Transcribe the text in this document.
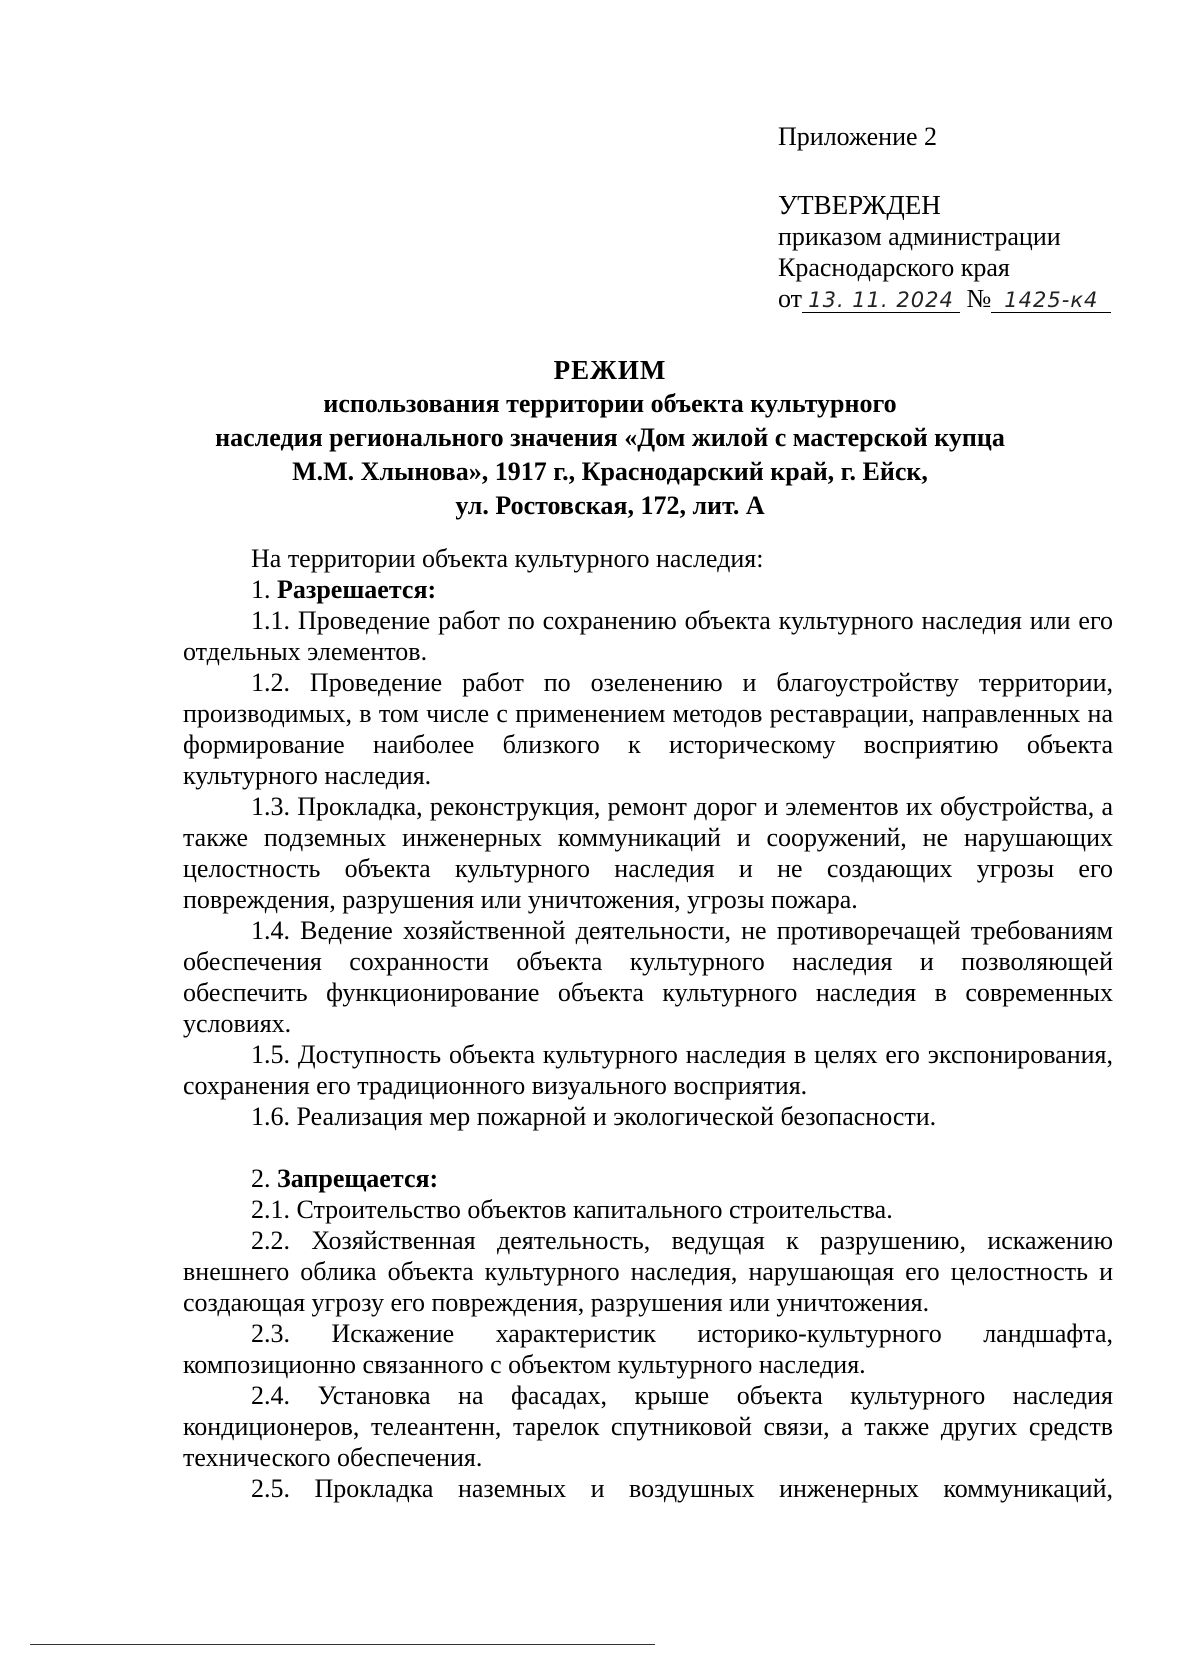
Приложение 2
УТВЕРЖДЕН
приказом администрации
Краснодарского края
от 13. 11. 2024 № 1425-к4
РЕЖИМ
использования территории объекта культурного
наследия регионального значения «Дом жилой с мастерской купца
М.М. Хлынова», 1917 г., Краснодарский край, г. Ейск,
ул. Ростовская, 172, лит. А

На территории объекта культурного наследия:

1. Разрешается:

1.1. Проведение работ по сохранению объекта культурного наследия или его отдельных элементов.

1.2. Проведение работ по озеленению и благоустройству территории, производимых, в том числе с применением методов реставрации, направленных на формирование наиболее близкого к историческому восприятию объекта культурного наследия.

1.3. Прокладка, реконструкция, ремонт дорог и элементов их обустройства, а также подземных инженерных коммуникаций и сооружений, не нарушающих целостность объекта культурного наследия и не создающих угрозы его повреждения, разрушения или уничтожения, угрозы пожара.

1.4. Ведение хозяйственной деятельности, не противоречащей требованиям обеспечения сохранности объекта культурного наследия и позволяющей обеспечить функционирование объекта культурного наследия в современных условиях.

1.5. Доступность объекта культурного наследия в целях его экспонирования, сохранения его традиционного визуального восприятия.

1.6. Реализация мер пожарной и экологической безопасности.

2. Запрещается:

2.1. Строительство объектов капитального строительства.

2.2. Хозяйственная деятельность, ведущая к разрушению, искажению внешнего облика объекта культурного наследия, нарушающая его целостность и создающая угрозу его повреждения, разрушения или уничтожения.

2.3. Искажение характеристик историко-культурного ландшафта, композиционно связанного с объектом культурного наследия.

2.4. Установка на фасадах, крыше объекта культурного наследия кондиционеров, телеантенн, тарелок спутниковой связи, а также других средств технического обеспечения.

2.5. Прокладка наземных и воздушных инженерных коммуникаций,
